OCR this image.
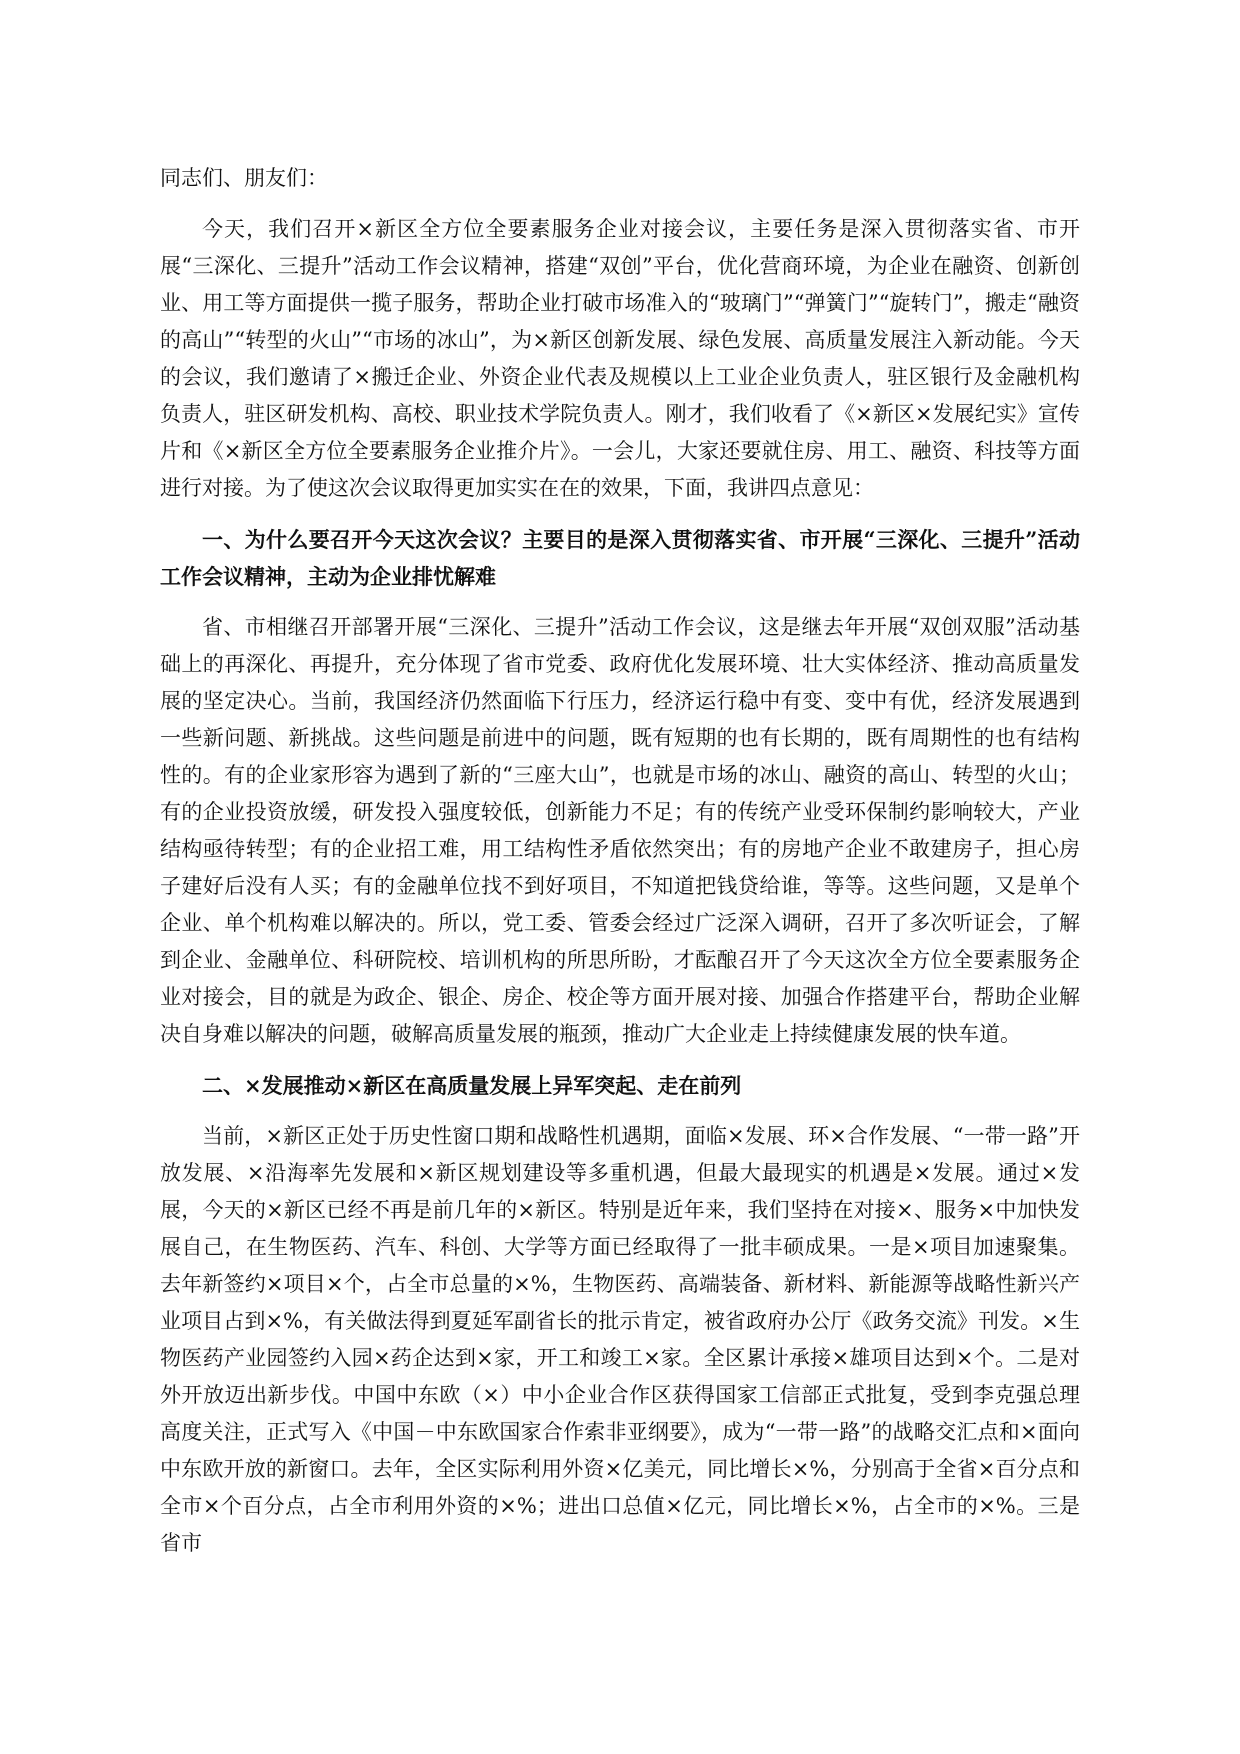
同志们、朋友们：

今天，我们召开×新区全方位全要素服务企业对接会议，主要任务是深入贯彻落实省、市开展“三深化、三提升”活动工作会议精神，搭建“双创”平台，优化营商环境，为企业在融资、创新创业、用工等方面提供一揽子服务，帮助企业打破市场准入的“玻璃门”“弹簧门”“旋转门”，搬走“融资的高山”“转型的火山”“市场的冰山”，为×新区创新发展、绿色发展、高质量发展注入新动能。今天的会议，我们邀请了×搬迁企业、外资企业代表及规模以上工业企业负责人，驻区银行及金融机构负责人，驻区研发机构、高校、职业技术学院负责人。刚才，我们收看了《×新区×发展纪实》宣传片和《×新区全方位全要素服务企业推介片》。一会儿，大家还要就住房、用工、融资、科技等方面进行对接。为了使这次会议取得更加实实在在的效果，下面，我讲四点意见：

一、为什么要召开今天这次会议？主要目的是深入贯彻落实省、市开展“三深化、三提升”活动工作会议精神，主动为企业排忧解难

省、市相继召开部署开展“三深化、三提升”活动工作会议，这是继去年开展“双创双服”活动基础上的再深化、再提升，充分体现了省市党委、政府优化发展环境、壮大实体经济、推动高质量发展的坚定决心。当前，我国经济仍然面临下行压力，经济运行稳中有变、变中有优，经济发展遇到一些新问题、新挑战。这些问题是前进中的问题，既有短期的也有长期的，既有周期性的也有结构性的。有的企业家形容为遇到了新的“三座大山”，也就是市场的冰山、融资的高山、转型的火山；有的企业投资放缓，研发投入强度较低，创新能力不足；有的传统产业受环保制约影响较大，产业结构亟待转型；有的企业招工难，用工结构性矛盾依然突出；有的房地产企业不敢建房子，担心房子建好后没有人买；有的金融单位找不到好项目，不知道把钱贷给谁，等等。这些问题，又是单个企业、单个机构难以解决的。所以，党工委、管委会经过广泛深入调研，召开了多次听证会，了解到企业、金融单位、科研院校、培训机构的所思所盼，才酝酿召开了今天这次全方位全要素服务企业对接会，目的就是为政企、银企、房企、校企等方面开展对接、加强合作搭建平台，帮助企业解决自身难以解决的问题，破解高质量发展的瓶颈，推动广大企业走上持续健康发展的快车道。

二、×发展推动×新区在高质量发展上异军突起、走在前列

当前，×新区正处于历史性窗口期和战略性机遇期，面临×发展、环×合作发展、“一带一路”开放发展、×沿海率先发展和×新区规划建设等多重机遇，但最大最现实的机遇是×发展。通过×发展，今天的×新区已经不再是前几年的×新区。特别是近年来，我们坚持在对接×、服务×中加快发展自己，在生物医药、汽车、科创、大学等方面已经取得了一批丰硕成果。一是×项目加速聚集。去年新签约×项目×个，占全市总量的×%，生物医药、高端装备、新材料、新能源等战略性新兴产业项目占到×%，有关做法得到夏延军副省长的批示肯定，被省政府办公厅《政务交流》刊发。×生物医药产业园签约入园×药企达到×家，开工和竣工×家。全区累计承接×雄项目达到×个。二是对外开放迈出新步伐。中国中东欧（×）中小企业合作区获得国家工信部正式批复，受到李克强总理高度关注，正式写入《中国－中东欧国家合作索非亚纲要》，成为“一带一路”的战略交汇点和×面向中东欧开放的新窗口。去年，全区实际利用外资×亿美元，同比增长×%，分别高于全省×百分点和全市×个百分点，占全市利用外资的×%；进出口总值×亿元，同比增长×%，占全市的×%。三是省市
